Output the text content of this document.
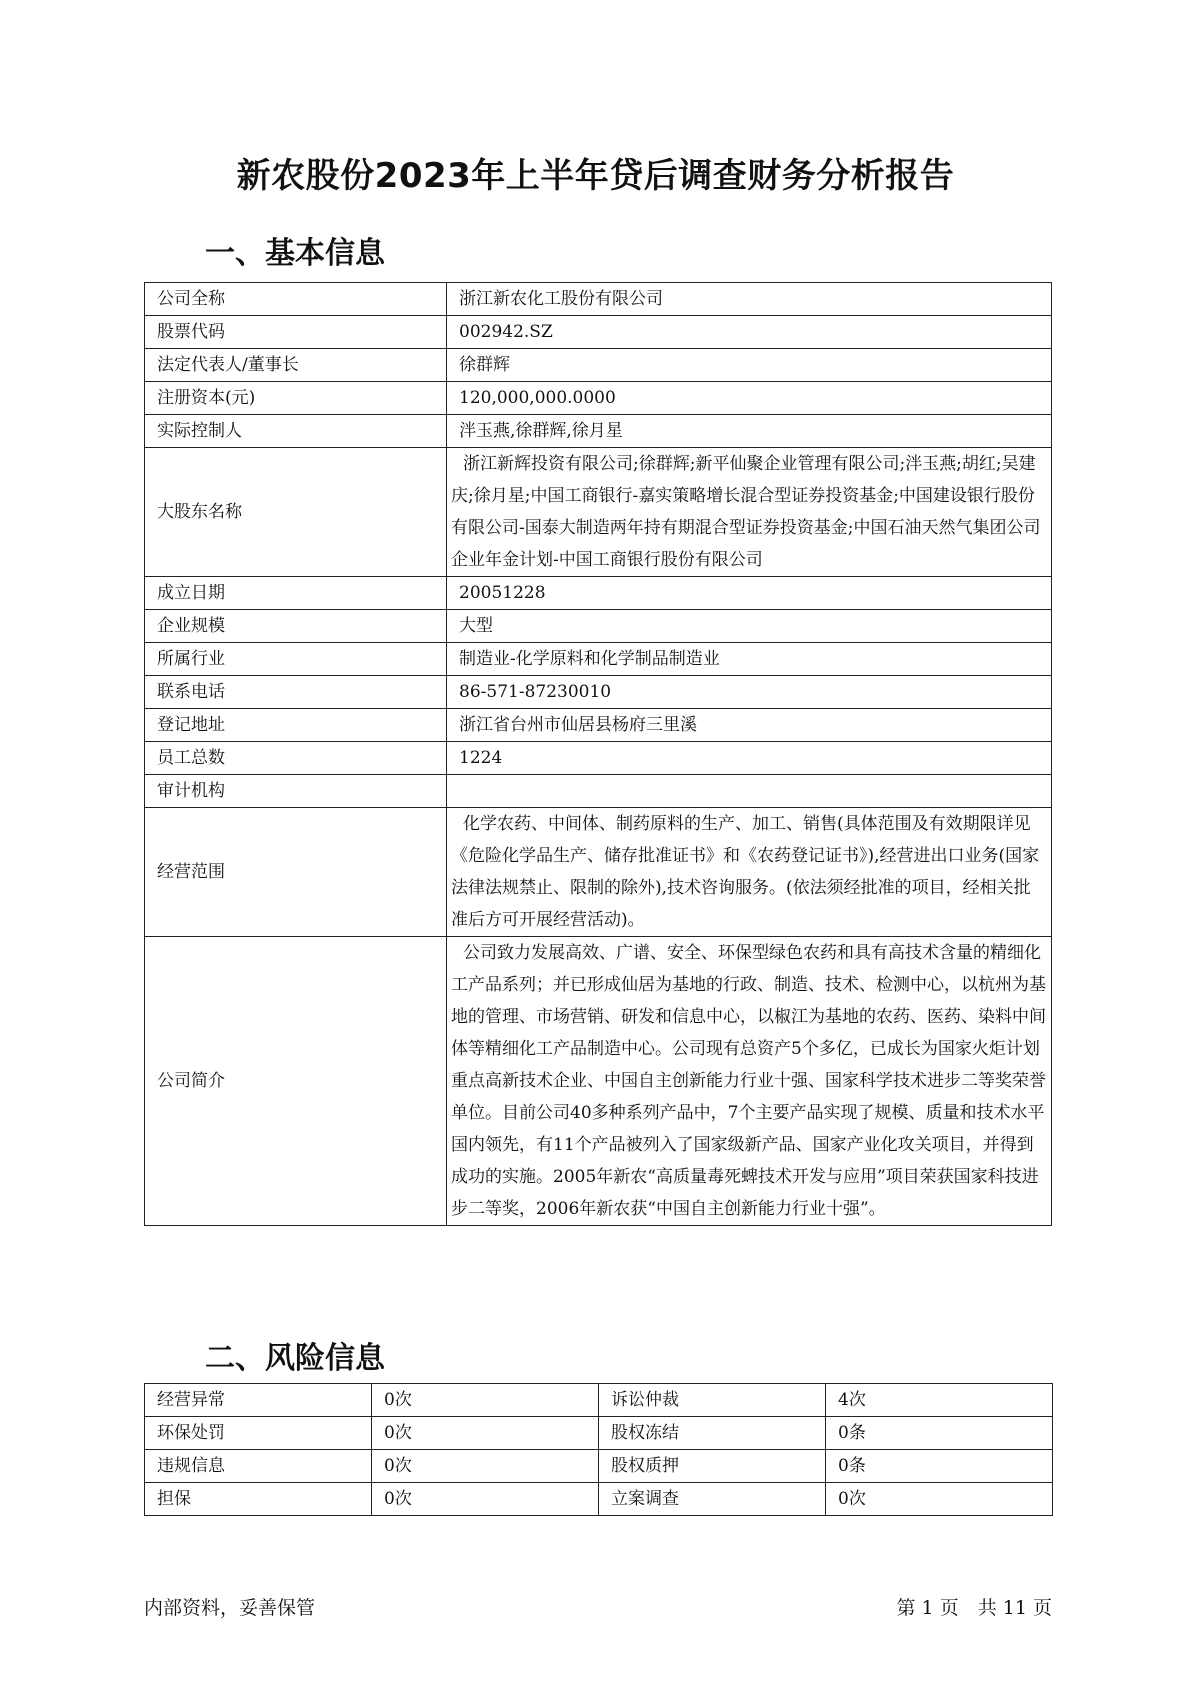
新农股份2023年上半年贷后调查财务分析报告
一、基本信息
公司全称	浙江新农化工股份有限公司
股票代码	002942.SZ
法定代表人/董事长	徐群辉
注册资本(元)	120,000,000.0000
实际控制人	泮玉燕,徐群辉,徐月星
大股东名称	浙江新辉投资有限公司;徐群辉;新平仙聚企业管理有限公司;泮玉燕;胡红;吴建庆;徐月星;中国工商银行-嘉实策略增长混合型证券投资基金;中国建设银行股份有限公司-国泰大制造两年持有期混合型证券投资基金;中国石油天然气集团公司企业年金计划-中国工商银行股份有限公司
成立日期	20051228
企业规模	大型
所属行业	制造业-化学原料和化学制品制造业
联系电话	86-571-87230010
登记地址	浙江省台州市仙居县杨府三里溪
员工总数	1224
审计机构	
经营范围	化学农药、中间体、制药原料的生产、加工、销售(具体范围及有效期限详见《危险化学品生产、储存批准证书》和《农药登记证书》),经营进出口业务(国家法律法规禁止、限制的除外),技术咨询服务。(依法须经批准的项目，经相关批准后方可开展经营活动)。
公司简介	公司致力发展高效、广谱、安全、环保型绿色农药和具有高技术含量的精细化工产品系列；并已形成仙居为基地的行政、制造、技术、检测中心，以杭州为基地的管理、市场营销、研发和信息中心，以椒江为基地的农药、医药、染料中间体等精细化工产品制造中心。公司现有总资产5个多亿，已成长为国家火炬计划重点高新技术企业、中国自主创新能力行业十强、国家科学技术进步二等奖荣誉单位。目前公司40多种系列产品中，7个主要产品实现了规模、质量和技术水平国内领先，有11个产品被列入了国家级新产品、国家产业化攻关项目，并得到成功的实施。2005年新农“高质量毒死蜱技术开发与应用”项目荣获国家科技进步二等奖，2006年新农获“中国自主创新能力行业十强”。
二、风险信息
经营异常	0次	诉讼仲裁	4次
环保处罚	0次	股权冻结	0条
违规信息	0次	股权质押	0条
担保	0次	立案调查	0次
内部资料，妥善保管	第 1 页　共 11 页
